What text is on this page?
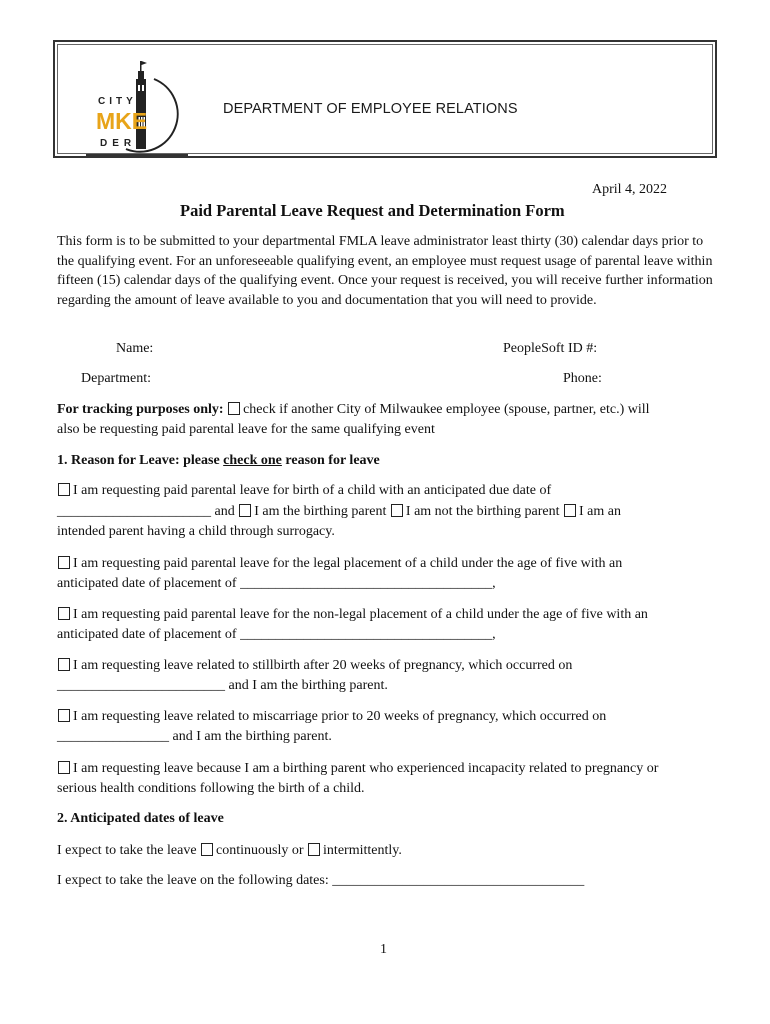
CITY
MKE
DER
DEPARTMENT OF EMPLOYEE RELATIONS
April 4, 2022
Paid Parental Leave Request and Determination Form
This form is to be submitted to your departmental FMLA leave administrator least thirty (30) calendar days prior to the qualifying event. For an unforeseeable qualifying event, an employee must request usage of parental leave within fifteen (15) calendar days of the qualifying event. Once your request is received, you will receive further information regarding the amount of leave available to you and documentation that you will need to provide.
Name:	PeopleSoft ID #:
Department:	Phone:
For tracking purposes only: check if another City of Milwaukee employee (spouse, partner, etc.) will
also be requesting paid parental leave for the same qualifying event
1. Reason for Leave: please check one reason for leave
I am requesting paid parental leave for birth of a child with an anticipated due date of
______________________ and I am the birthing parent I am not the birthing parent I am an
intended parent having a child through surrogacy.
I am requesting paid parental leave for the legal placement of a child under the age of five with an
anticipated date of placement of ____________________________________,
I am requesting paid parental leave for the non-legal placement of a child under the age of five with an
anticipated date of placement of ____________________________________,
I am requesting leave related to stillbirth after 20 weeks of pregnancy, which occurred on
________________________ and I am the birthing parent.
I am requesting leave related to miscarriage prior to 20 weeks of pregnancy, which occurred on
________________ and I am the birthing parent.
I am requesting leave because I am a birthing parent who experienced incapacity related to pregnancy or
serious health conditions following the birth of a child.
2. Anticipated dates of leave
I expect to take the leave continuously or intermittently.
I expect to take the leave on the following dates: ____________________________________
1
